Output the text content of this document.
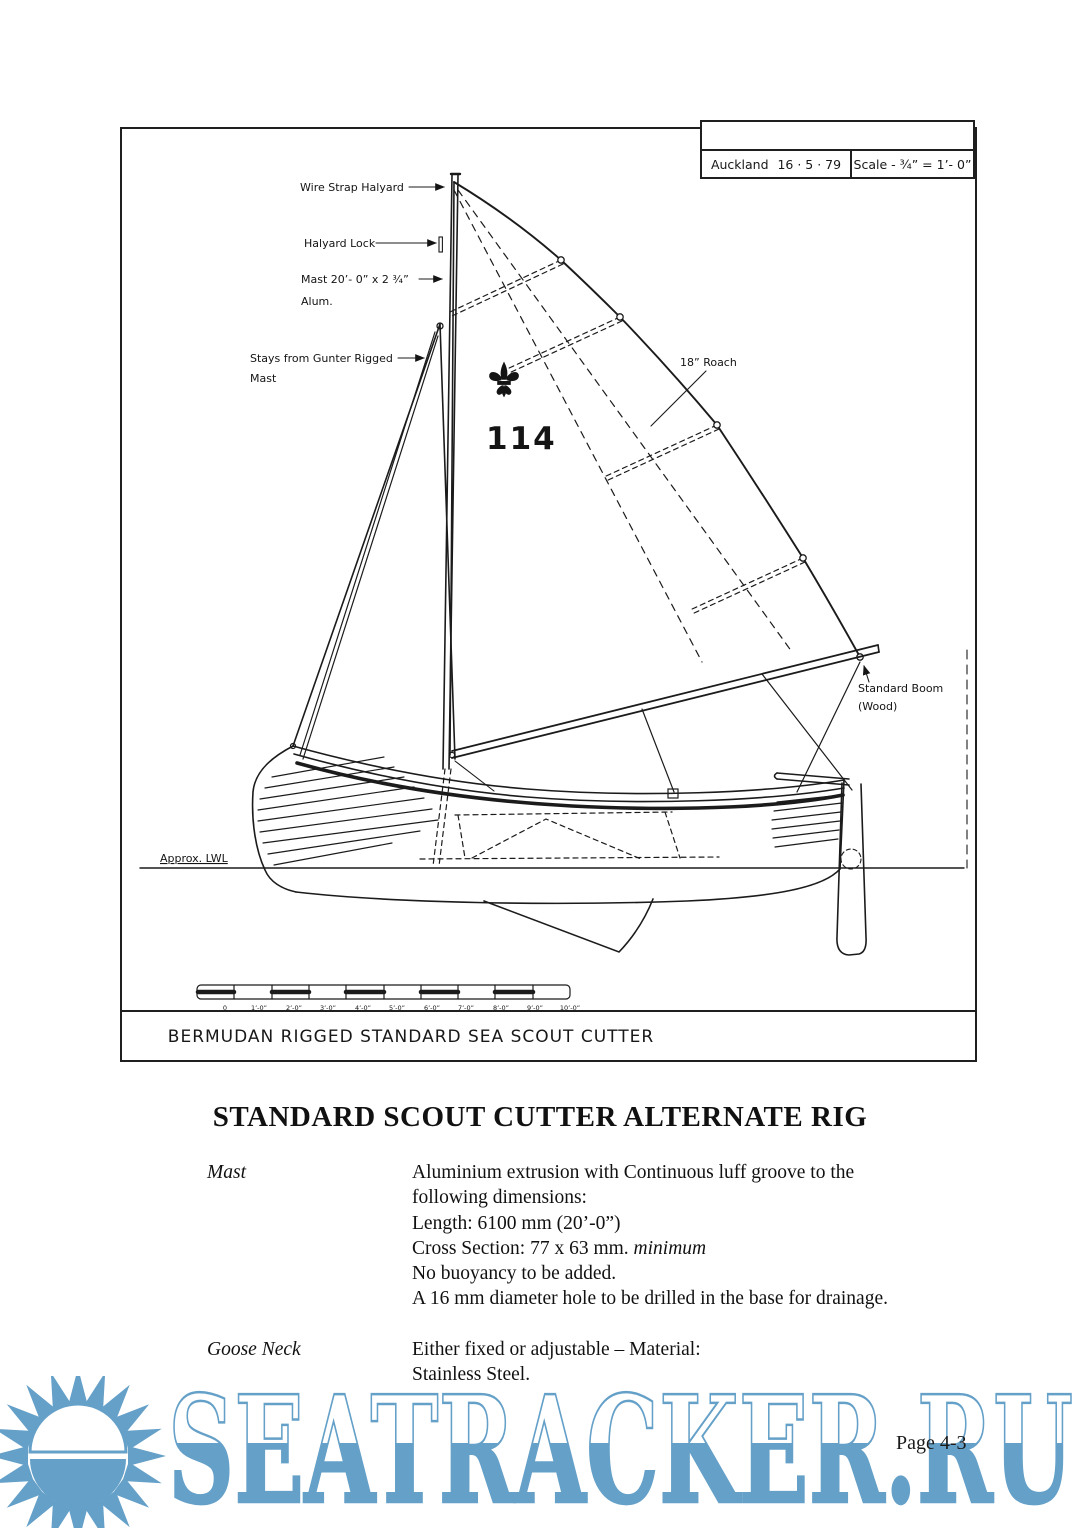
0	1’-0”	2’-0”	3’-0”	4’-0”	5’-0”	6’-0”	7’-0”	8’-0”	9’-0”	10’-0”
Wire Strap Halyard
Halyard Lock
Mast 20’- 0” x 2 ¾”
Alum.
Stays from Gunter Rigged
Mast
18” Roach
Standard Boom
(Wood)
Approx. LWL
114
BERMUDAN RIGGED STANDARD SEA SCOUT CUTTER
Auckland 16 · 5 · 79 Scale - ¾” = 1’- 0”
STANDARD SCOUT CUTTER ALTERNATE RIG
Mast	Aluminium extrusion with Continuous luff groove to the
following dimensions:
Length: 6100 mm (20’-0”)
Cross Section: 77 x 63 mm. minimum
No buoyancy to be added.
A 16 mm diameter hole to be drilled in the base for drainage.
Goose Neck	Either fixed or adjustable – Material:
Stainless Steel.
Page 4-3
SEATRACKER.RU
